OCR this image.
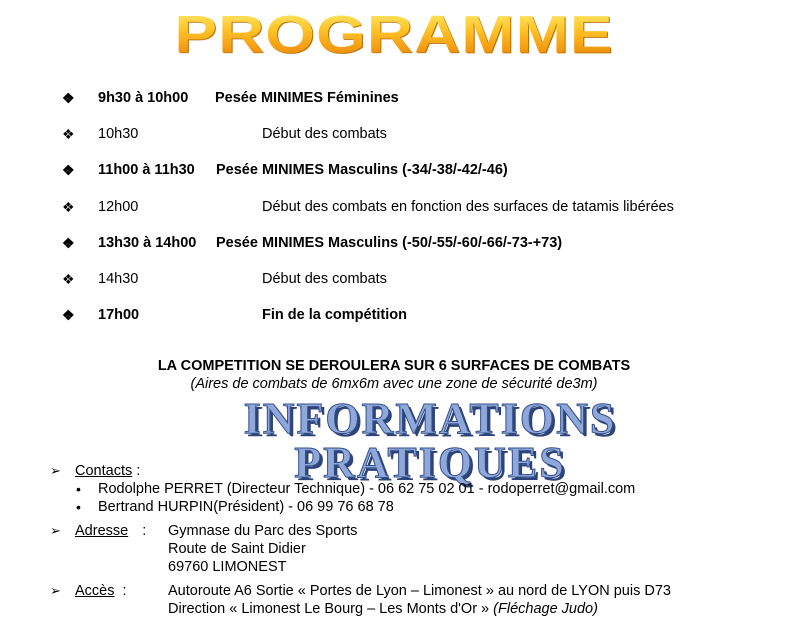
PROGRAMME
❖	9h30 à 10h00 Pesée MINIMES Féminines
❖	10h30	Début des combats
❖	11h00 à 11h30 Pesée MINIMES Masculins (-34/-38/-42/-46)
❖	12h00	Début des combats en fonction des surfaces de tatamis libérées
❖	13h30 à 14h00 Pesée MINIMES Masculins (-50/-55/-60/-66/-73-+73)
❖	14h30	Début des combats
❖	17h00	Fin de la compétition
LA COMPETITION SE DEROULERA SUR 6 SURFACES DE COMBATS
(Aires de combats de 6mx6m avec une zone de sécurité de3m)
INFORMATIONS
PRATIQUES
➢ Contacts :
• Rodolphe PERRET (Directeur Technique) - 06 62 75 02 01 - rodoperret@gmail.com
• Bertrand HURPIN(Président) - 06 99 76 68 78
➢ Adresse : Gymnase du Parc des Sports
Route de Saint Didier
69760 LIMONEST
➢ Accès :	Autoroute A6 Sortie « Portes de Lyon – Limonest » au nord de LYON puis D73
Direction « Limonest Le Bourg – Les Monts d'Or » (Fléchage Judo)
